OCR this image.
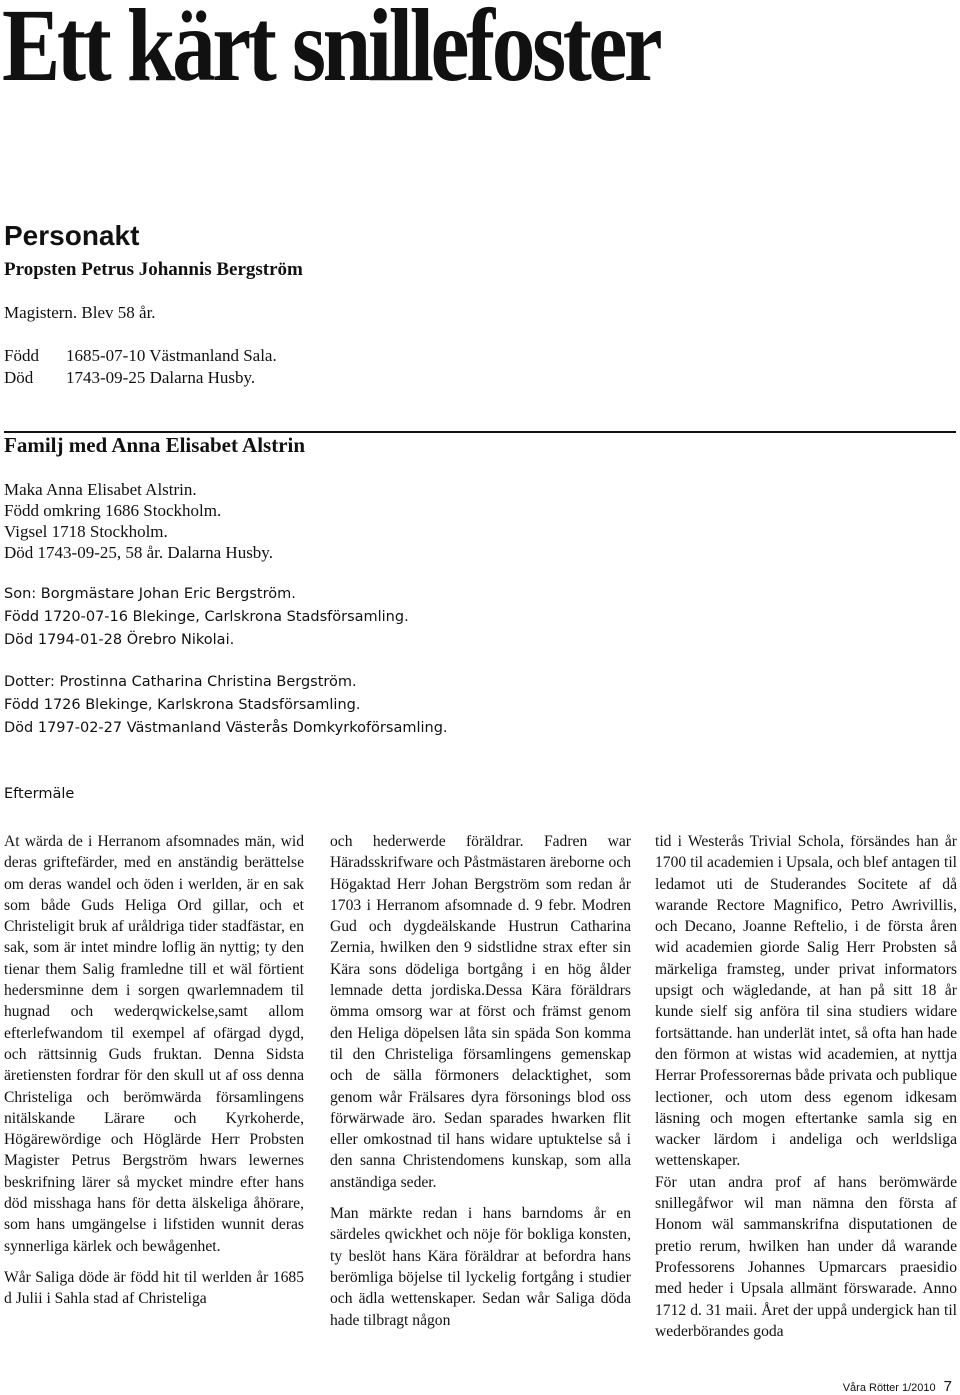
Ett kärt snillefoster
Personakt
Propsten Petrus Johannis Bergström
Magistern. Blev 58 år.
Född 1685-07-10 Västmanland Sala.
Död 1743-09-25 Dalarna Husby.
Familj med Anna Elisabet Alstrin
Maka Anna Elisabet Alstrin.
Född omkring 1686 Stockholm.
Vigsel 1718 Stockholm.
Död 1743-09-25, 58 år. Dalarna Husby.
Son: Borgmästare Johan Eric Bergström.
Född 1720-07-16 Blekinge, Carlskrona Stadsförsamling.
Död 1794-01-28 Örebro Nikolai.
Dotter: Prostinna Catharina Christina Bergström.
Född 1726 Blekinge, Karlskrona Stadsförsamling.
Död 1797-02-27 Västmanland Västerås Domkyrkoförsamling.
Eftermäle

At wärda de i Herranom afsomnades män, wid deras griftefärder, med en anständig berättelse om deras wandel och öden i werlden, är en sak som både Guds Heliga Ord gillar, och et Christeligit bruk af uråldriga tider stadfästar, en sak, som är intet mindre loflig än nyttig; ty den tienar them Salig framledne till et wäl förtient hedersminne dem i sorgen qwarlemnadem til hugnad och wederqwickelse,samt allom efterlefwandom til exempel af ofärgad dygd, och rättsinnig Guds fruktan. Denna Sidsta äretiensten fordrar för den skull ut af oss denna Christeliga och berömwärda församlingens nitälskande Lärare och Kyrkoherde, Högärewördige och Höglärde Herr Probsten Magister Petrus Bergström hwars lewernes beskrifning lärer så mycket mindre efter hans död misshaga hans för detta älskeliga åhörare, som hans umgängelse i lifstiden wunnit deras synnerliga kärlek och bewågenhet.

Wår Saliga döde är född hit til werlden år 1685 d Julii i Sahla stad af Christeliga

och hederwerde föräldrar. Fadren war Häradsskrifware och Påstmästaren äreborne och Högaktad Herr Johan Bergström som redan år 1703 i Herranom afsomnade d. 9 febr. Modren Gud och dygdeälskande Hustrun Catharina Zernia, hwilken den 9 sidstlidne strax efter sin Kära sons dödeliga bortgång i en hög ålder lemnade detta jordiska.Dessa Kära föräldrars ömma omsorg war at först och främst genom den Heliga döpelsen låta sin späda Son komma til den Christeliga församlingens gemenskap och de sälla förmoners delacktighet, som genom wår Frälsares dyra försonings blod oss förwärwade äro. Sedan sparades hwarken flit eller omkostnad til hans widare uptuktelse så i den sanna Christendomens kunskap, som alla anständiga seder.

Man märkte redan i hans barndoms år en särdeles qwickhet och nöje för bokliga konsten, ty beslöt hans Kära föräldrar at befordra hans berömliga böjelse til lyckelig fortgång i studier och ädla wettenskaper. Sedan wår Saliga döda hade tilbragt någon

tid i Westerås Trivial Schola, försändes han år 1700 til academien i Upsala, och blef antagen til ledamot uti de Studerandes Socitete af då warande Rectore Magnifico, Petro Awrivillis, och Decano, Joanne Reftelio, i de första åren wid academien giorde Salig Herr Probsten så märkeliga framsteg, under privat informators upsigt och wägledande, at han på sitt 18 år kunde sielf sig anföra til sina studiers widare fortsättande. han underlät intet, så ofta han hade den förmon at wistas wid academien, at nyttja Herrar Professorernas både privata och publique lectioner, och utom dess egenom idkesam läsning och mogen eftertanke samla sig en wacker lärdom i andeliga och werldsliga wettenskaper.

För utan andra prof af hans berömwärde snillegåfwor wil man nämna den första af Honom wäl sammanskrifna disputationen de pretio rerum, hwilken han under då warande Professorens Johannes Upmarcars praesidio med heder i Upsala allmänt förswarade. Anno 1712 d. 31 maii. Året der uppå undergick han til wederbörandes goda

Våra Rötter 1/2010 7
